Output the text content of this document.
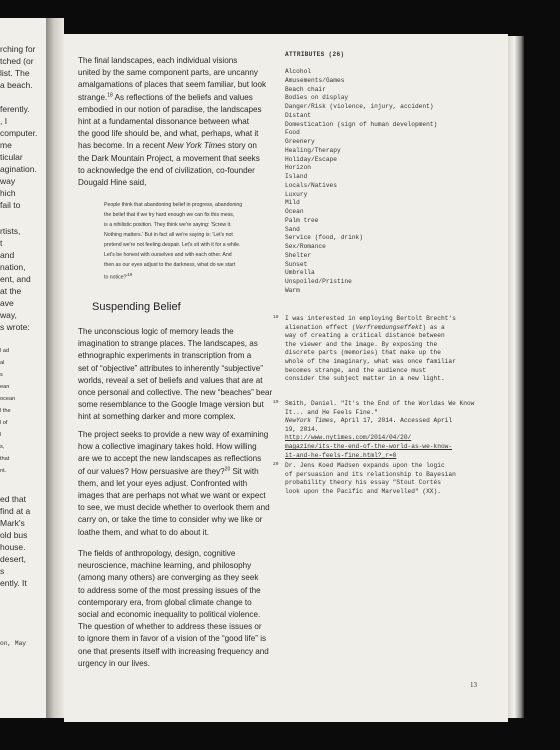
rching for
tched (or
list. The
a beach.
ferently.
, I
computer.
me
ticular
agination.
way
hich
fail to
rtists,
t
and
nation,
ent, and
at the
ave
way,
s wrote:
l ad
al
s
ean
ocean
l the
l of
l
s,
that
nt.
ed that
find at a
Mark's
old bus
house.
desert,
s
ently. It
on, May

The final landscapes, each individual visions
united by the same component parts, are uncanny
amalgamations of places that seem familiar, but look
strange.$^{18}$ As reflections of the beliefs and values
embodied in our notion of paradise, the landscapes
hint at a fundamental dissonance between what
the good life should be, and what, perhaps, what it
has become. In a recent New York Times story on
the Dark Mountain Project, a movement that seeks
to acknowledge the end of civilization, co-founder
Dougald Hine said,

People think that abandoning belief in progress, abandoning
the belief that if we try hard enough we can fix this mess,
is a nihilistic position. They think we're saying: 'Screw it.
Nothing matters.' But in fact all we're saying is: 'Let's not
pretend we're not feeling despair. Let's sit with it for a while.
Let's be honest with ourselves and with each other. And
then as our eyes adjust to the darkness, what do we start
to $notice?'^{19}$

Suspending Belief

The unconscious logic of memory leads the
imagination to strange places. The landscapes, as
ethnographic experiments in transcription from a
set of “objective” attributes to inherently “subjective”
worlds, reveal a set of beliefs and values that are at
once personal and collective. The new “beaches” bear
some resemblance to the Google Image version but
hint at something darker and more complex.

The project seeks to provide a new way of examining
how a collective imaginary takes hold. How willing
are we to accept the new landscapes as reflections
of our values? How persuasive are they?$^{20}$ Sit with
them, and let your eyes adjust. Confronted with
images that are perhaps not what we want or expect
to see, we must decide whether to overlook them and
carry on, or take the time to consider why we like or
loathe them, and what to do about it.

The fields of anthropology, design, cognitive
neuroscience, machine learning, and philosophy
(among many others) are converging as they seek
to address some of the most pressing issues of the
contemporary era, from global climate change to
social and economic inequality to political violence.
The question of whether to address these issues or
to ignore them in favor of a vision of the “good life” is
one that presents itself with increasing frequency and
urgency in our lives.

ATTRIBUTES (26)
Alcohol
Amusements/Games
Beach chair
Bodies on display
Danger/Risk (violence, injury, accident)
Distant
Domestication (sign of human development)
Food
Greenery
Healing/Therapy
Holiday/Escape
Horizon
Island
Locals/Natives
Luxury
Mild
Ocean
Palm tree
Sand
Service (food, drink)
Sex/Romance
Shelter
Sunset
Umbrella
Unspoiled/Pristine
Warm
18 I was interested in employing Bertolt Brecht's
alienation effect (Verfremdungseffekt) as a
way of creating a critical distance between
the viewer and the image. By exposing the
discrete parts (memories) that make up the
whole of the imaginary, what was once familiar
becomes strange, and the audience must
consider the subject matter in a new light.
19 Smith, Daniel. "It's the End of the Worldas We Know It... and He Feels Fine."
NewYork Times, April 17, 2014. Accessed April
19, 2014.
http://www.nytimes.com/2014/04/20/
magazine/its-the-end-of-the-world-as-we-know-
it-and-he-feels-fine.html?_r=0
20 Dr. Jens Koed Madsen expands upon the logic
of persuasion and its relationship to Bayesian
probability theory his essay "Stout Cortés
look upon the Pacific and Marvelled" (XX).
13
